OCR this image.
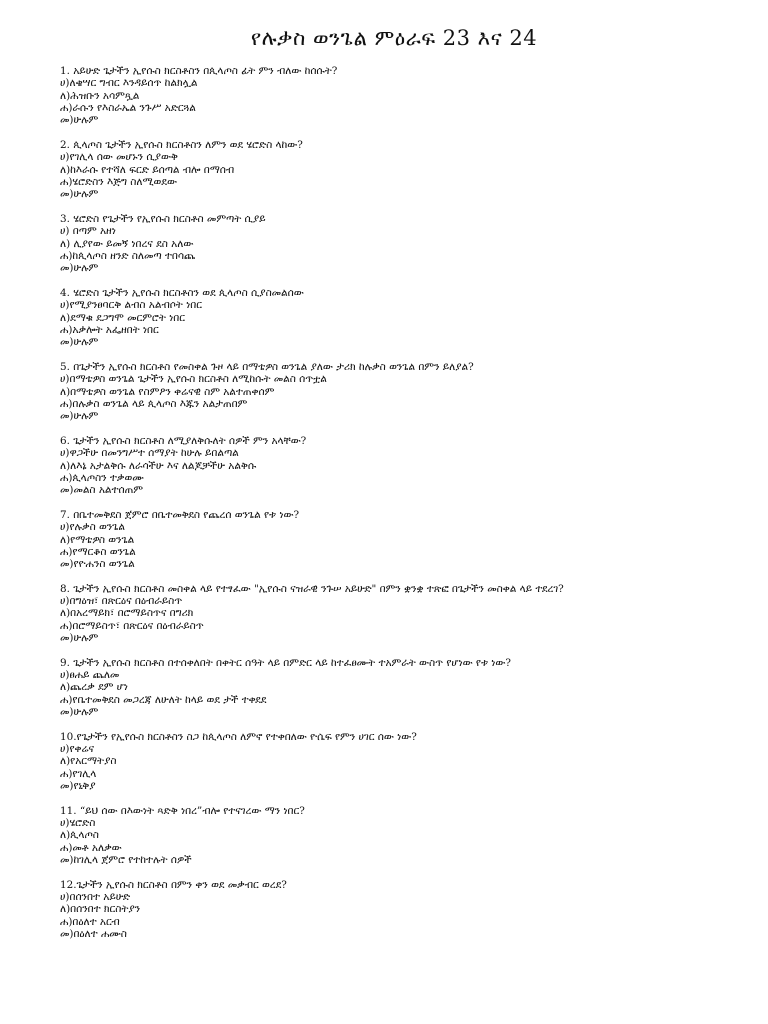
የሉቃስ ወንጌል ምዕራፍ 23 እና 24
1. አይሁድ ጌታችን ኢየሱስ ክርስቶስን በጲላጦስ ፊት ምን ብለው ከሰሱት?
ሀ)ለቄሣር ግብር እንዳይሰጥ ከልክሏል
ለ)ሕዝቡን አሳምጿል
ሐ)ራሱን የእስራኤል ንጉሥ አድርጓል
መ)ሁሉም
2. ጲላጦስ ጌታችን ኢየሱስ ክርስቶስን ለምን ወደ ሄሮድስ ላከው?
ሀ)የገሊላ ሰው መሆኑን ሲያውቅ
ለ)ከእራሱ የተሻለ ፍርድ ይሰጣል ብሎ በማሰብ
ሐ)ሄሮድስን እጅግ ስለሚወደው
መ)ሁሉም
3. ሄሮድስ የጌታችን የኢየሱስ ክርስቶስ መምጣት ሲያይ
ሀ) በጣም አዘነ
ለ) ሊያየው ይመኝ ነበረና ደስ አለው
ሐ)ከጲላጦስ ዘንድ ስለመጣ ተበሳጨ
መ)ሁሉም
4. ሄሮድስ ጌታችን ኢየሱስ ክርስቶስን ወደ ጲላጦስ ሲያስመልሰው
ሀ)የሚያንፀባርቅ ልብስ አልብሶት ነበር
ለ)ደማቁ ደጋግሞ መርምሮት ነበር
ሐ)አቃሎት አፌዘበት ነበር
መ)ሁሉም
5. በጌታችን ኢየሱስ ክርስቶስ የመስቀል ጉዞ ላይ በማቴዎስ ወንጌል ያለው ታሪክ ከሉቃስ ወንጌል በምን ይለያል?
ሀ)በማቴዎስ ወንጌል ጌታችን ኢየሱስ ክርስቶስ ለሚከሱት መልስ ሰጥቷል
ለ)በማቴዎስ ወንጌል የስምዖን ቀሬናዊ ስም አልተጠቀሰም
ሐ)በሉቃስ ወንጌል ላይ ጲላጦስ እጁን አልታጠበም
መ)ሁሉም
6. ጌታችን ኢየሱስ ክርስቶስ ለሚያለቅሱለት ሰዎች ምን አላቸው?
ሀ)ዋጋችሁ በመንግሥተ ሰማያት ከሁሉ ይበልጣል
ለ)ለእኔ አታልቅሱ ለራሳችሁ እና ለልጆቻችሁ አልቅሱ
ሐ)ጲላጦስን ተቃወሙ
መ)መልስ አልተሰጠም
7. በቤተመቅደስ ጀምሮ በቤተመቅደስ የጨረሰ ወንጌል የቱ ነው?
ሀ)የሉቃስ ወንጌል
ለ)የማቴዎስ ወንጌል
ሐ)የማርቆስ ወንጌል
መ)የዮሐንስ ወንጌል
8. ጌታችን ኢየሱስ ክርስቶስ መስቀል ላይ የተፃፈው "ኢየሱስ ናዝራዊ ንጉሠ አይሁድ" በምን ቋንቋ ተጽፎ በጌታችን መስቀል ላይ ተደረገ?
ሀ)በግዕዝ፣ በጽርዕና በዕብራይስጥ
ለ)በአረማይክ፣ በሮማይስጥና በግሪክ
ሐ)በሮማይስጥ፣ በጽርዕና በዕብራይስጥ
መ)ሁሉም
9. ጌታችን ኢየሱስ ክርስቶስ በተሰቀለበት በቀትር ሰዓት ላይ በምድር ላይ ከተፈፀሙት ተአምራት ውስጥ የሆነው የቱ ነው?
ሀ)ፀሐይ ጨለመ
ለ)ጨረቃ ደም ሆነ
ሐ)የቤተመቅደስ መጋረጃ ለሁለት ከላይ ወደ ታች ተቀደደ
መ)ሁሉም
10.የጌታችን የኢየሱስ ክርስቶስን ስጋ ከጲላጦስ ለምኖ የተቀበለው ዮሴፍ የምን ሀገር ሰው ነው?
ሀ)የቀሬና
ለ)የአርማትያስ
ሐ)የገሊላ
መ)የኒቅያ
11. “ይህ ሰው በእውነት ጻድቅ ነበረ”ብሎ የተናገረው ማን ነበር?
ሀ)ሄሮድስ
ለ)ጲላጦስ
ሐ)መቶ አለቃው
መ)ከገሊላ ጀምሮ የተከተሉት ሰዎች
12.ጌታችን ኢየሱስ ክርስቶስ በምን ቀን ወደ መቃብር ወረደ?
ሀ)በሰንበተ አይሁድ
ለ)በሰንበተ ክርስትያን
ሐ)በዕለተ አርብ
መ)በዕለተ ሐሙስ
